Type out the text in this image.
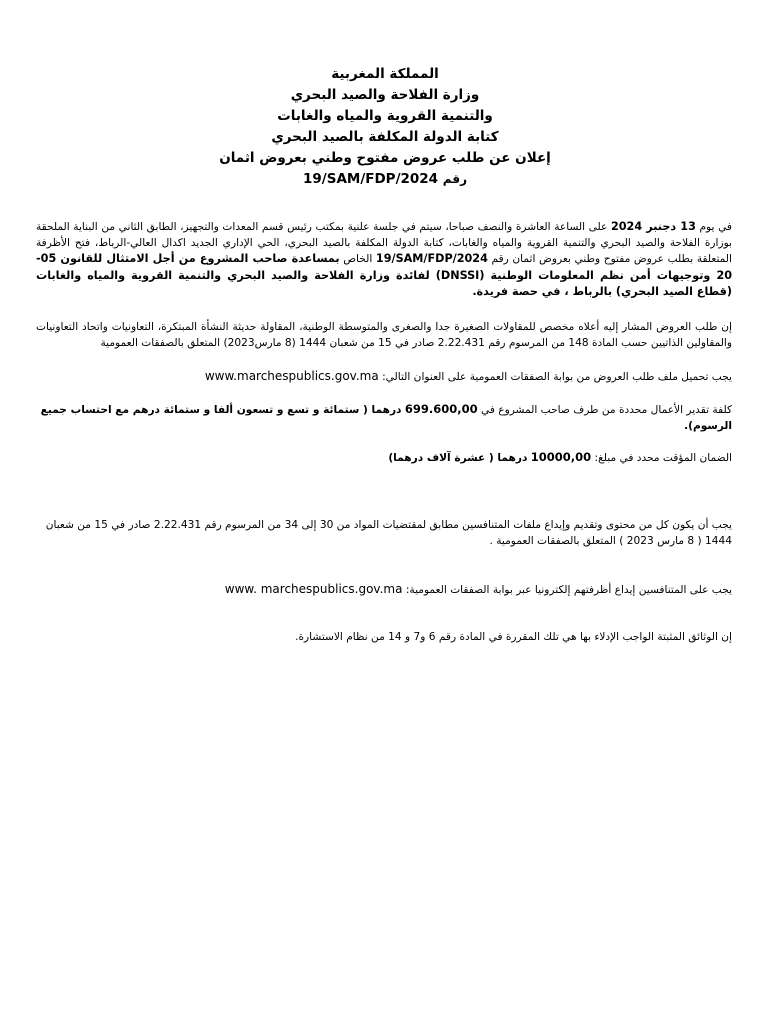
المملكة المغربية
وزارة الفلاحة والصيد البحري
والتنمية القروية والمياه والغابات
كتابة الدولة المكلفة بالصيد البحري
إعلان عن طلب عروض مفتوح وطني بعروض اثمان
19/SAM/FDP/2024 رقم
في يوم 13 دجنبر 2024 على الساعة العاشرة والنصف صباحا، سيتم في جلسة علنية بمكتب رئيس قسم المعدات والتجهيز، الطابق الثاني من البناية الملحقة بوزارة الفلاحة والصيد البحري والتنمية القروية والمياه والغابات، كتابة الدولة المكلفة بالصيد البحري، الحي الإداري الجديد اكدال العالي-الرباط، فتح الأظرفة المتعلقة بطلب عروض مفتوح وطني بعروض اثمان رقم 19/SAM/FDP/2024 الخاص بمساعدة صاحب المشروع من أجل الامتثال للقانون 05-20 وتوجيهات أمن نظم المعلومات الوطنية (DNSSI) لفائدة وزارة الفلاحة والصيد البحري والتنمية القروية والمياه والغابات (قطاع الصيد البحري) بالرباط ، في حصة فريدة.
إن طلب العروض المشار إليه أعلاه مخصص للمقاولات الصغيرة جدا والصغرى والمتوسطة الوطنية، المقاولة حديثة النشأة المبتكرة، التعاونيات واتحاد التعاونيات والمقاولين الذاتيين حسب المادة 148 من المرسوم رقم 2.22.431 صادر في 15 من شعبان 1444 (8 مارس2023) المتعلق بالصفقات العمومية
يجب تحميل ملف طلب العروض من بوابة الصفقات العمومية على العنوان التالي: www.marchespublics.gov.ma
كلفة تقدير الأعمال محددة من طرف صاحب المشروع في 699.600,00 درهما ( ستمائة و تسع و تسعون ألفا و ستمائة درهم مع احتساب جميع الرسوم).
الضمان المؤقت محدد في مبلغ: 10000,00 درهما ( عشرة آلاف درهما)
يجب أن يكون كل من محتوى وتقديم وإيداع ملفات المتنافسين مطابق لمقتضيات المواد من 30 إلى 34 من المرسوم رقم 2.22.431 صادر في 15 من شعبان 1444 ( 8 مارس 2023 ) المتعلق بالصفقات العمومية .
يجب على المتنافسين إيداع أظرفتهم إلكترونيا عبر بوابة الصفقات العمومية: www. marchespublics.gov.ma
إن الوثائق المثبتة الواجب الإدلاء بها هي تلك المقررة في المادة رقم 6 و7 و 14 من نظام الاستشارة.
